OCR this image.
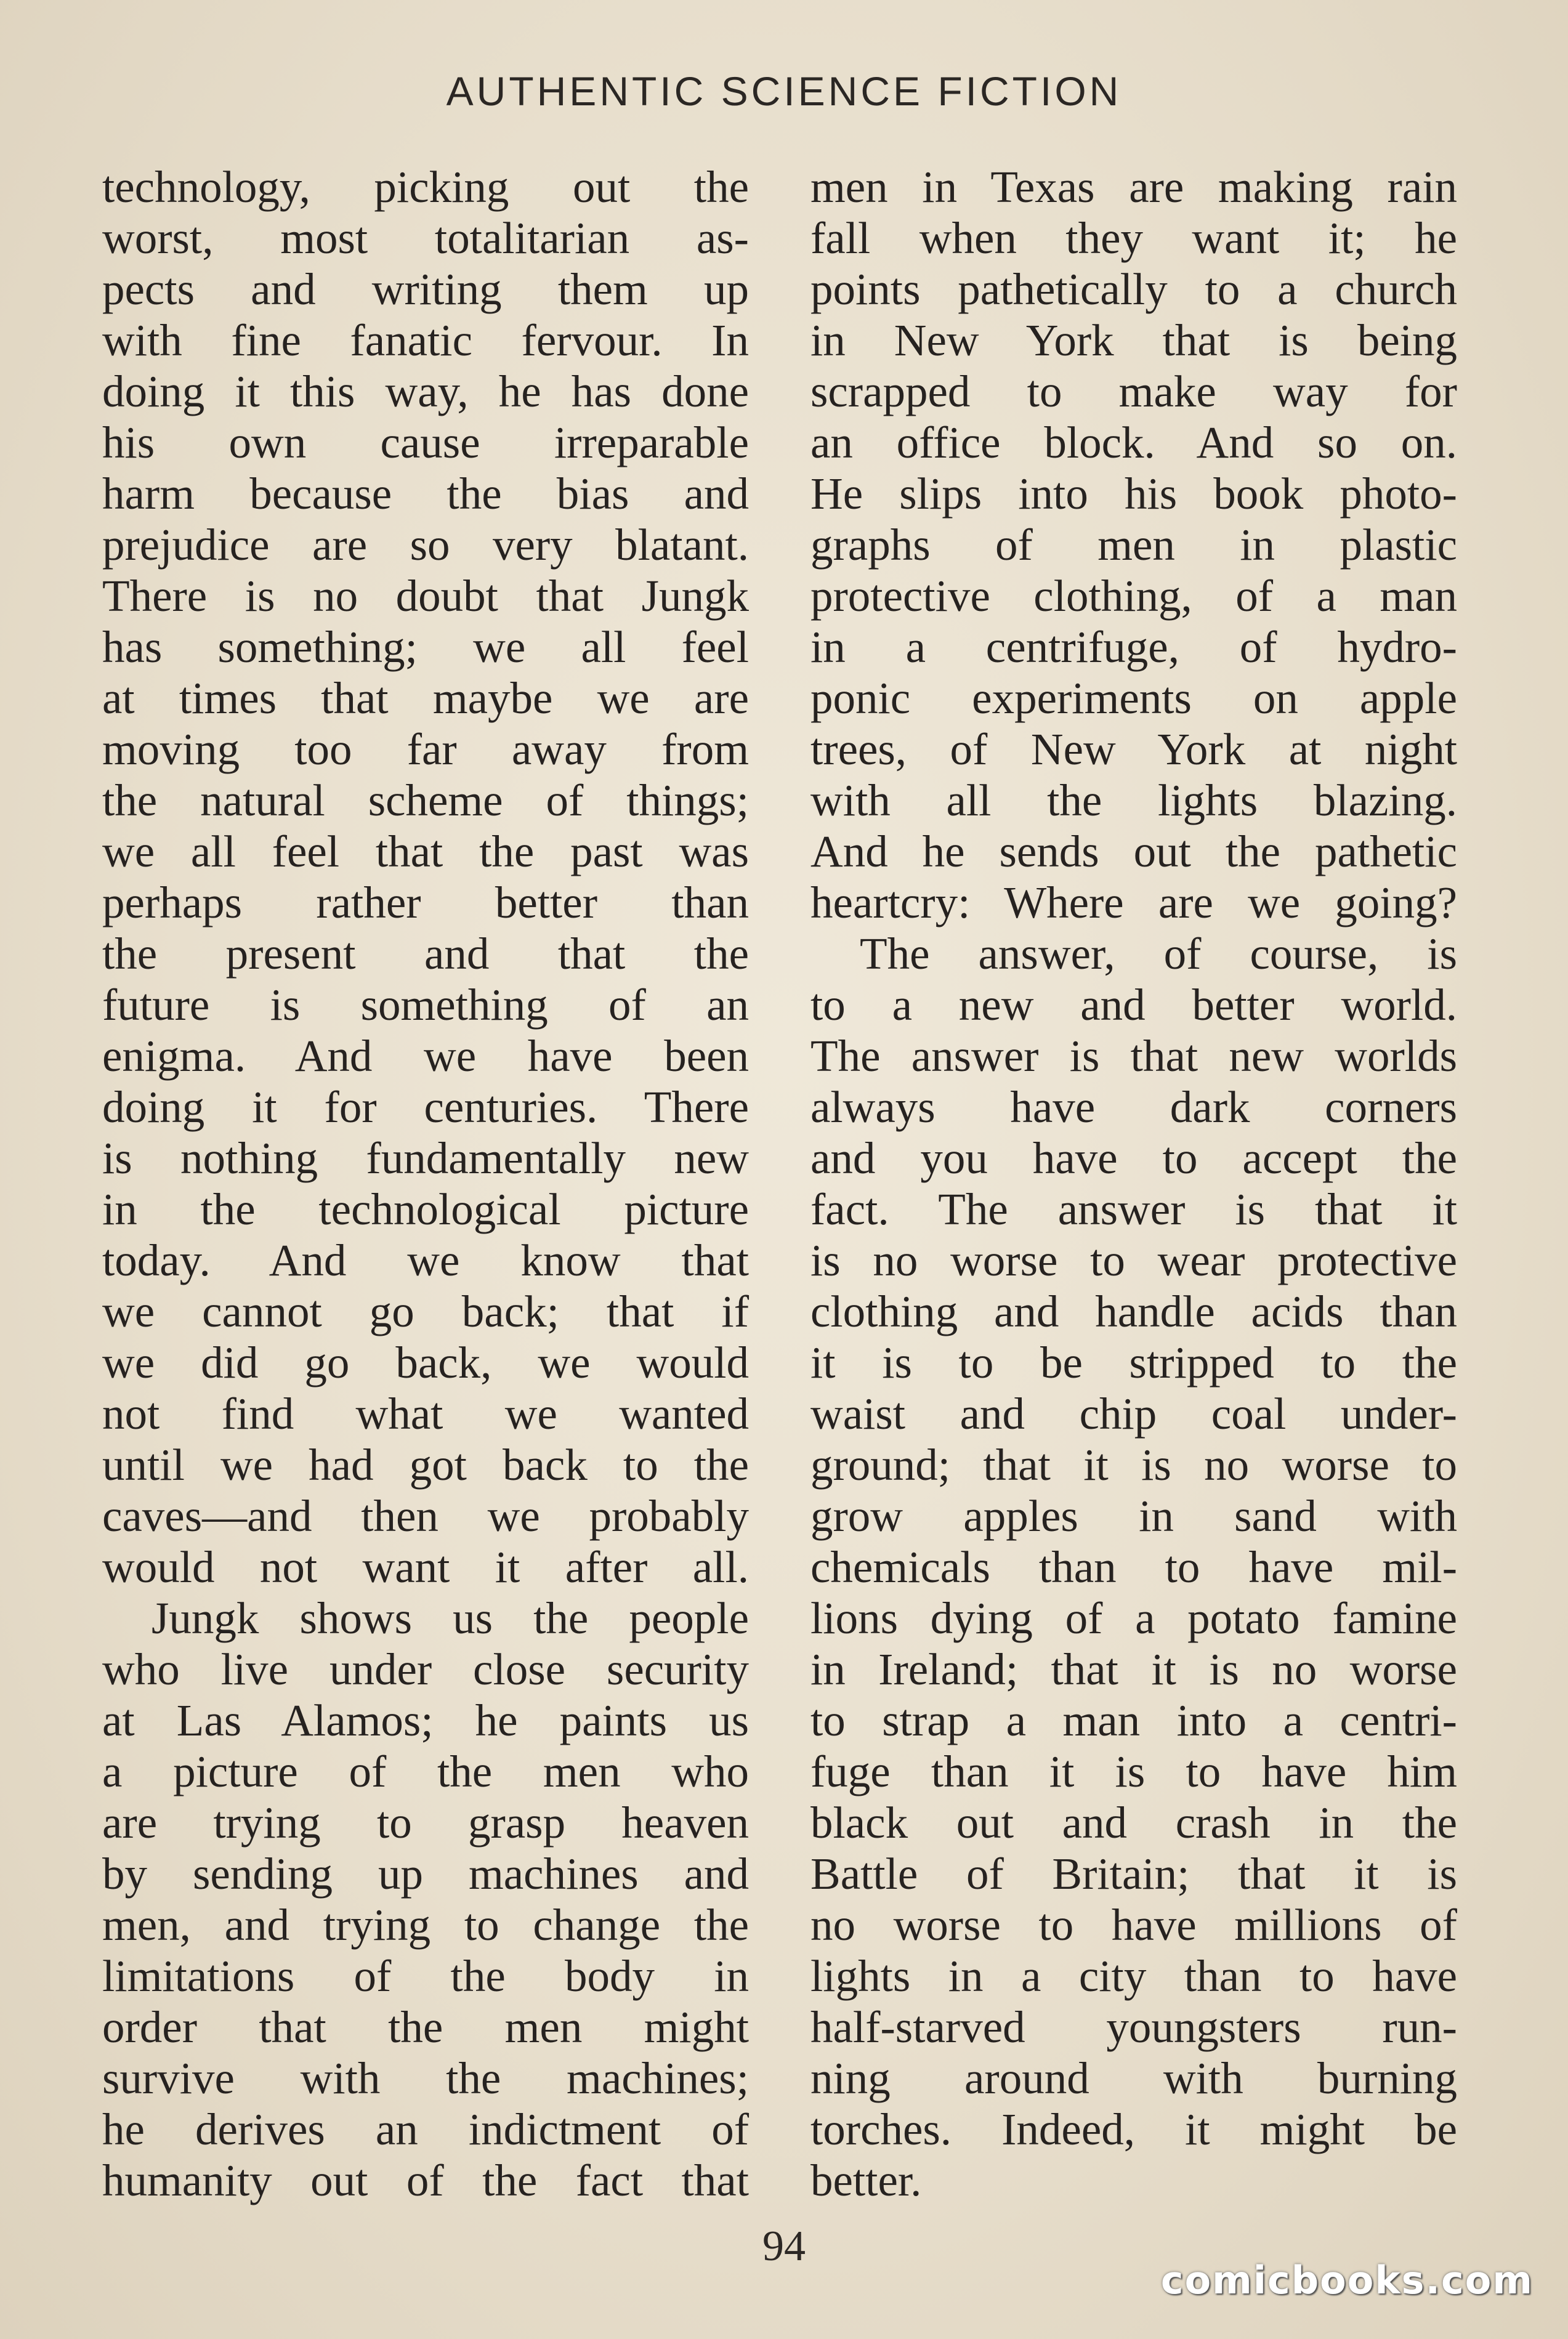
AUTHENTIC SCIENCE FICTION
technology, picking out the
worst, most totalitarian as-
pects and writing them up
with fine fanatic fervour. In
doing it this way, he has done
his own cause irreparable
harm because the bias and
prejudice are so very blatant.
There is no doubt that Jungk
has something; we all feel
at times that maybe we are
moving too far away from
the natural scheme of things;
we all feel that the past was
perhaps rather better than
the present and that the
future is something of an
enigma. And we have been
doing it for centuries. There
is nothing fundamentally new
in the technological picture
today. And we know that
we cannot go back; that if
we did go back, we would
not find what we wanted
until we had got back to the
caves—and then we probably
would not want it after all.
Jungk shows us the people
who live under close security
at Las Alamos; he paints us
a picture of the men who
are trying to grasp heaven
by sending up machines and
men, and trying to change the
limitations of the body in
order that the men might
survive with the machines;
he derives an indictment of
humanity out of the fact that
men in Texas are making rain
fall when they want it; he
points pathetically to a church
in New York that is being
scrapped to make way for
an office block. And so on.
He slips into his book photo-
graphs of men in plastic
protective clothing, of a man
in a centrifuge, of hydro-
ponic experiments on apple
trees, of New York at night
with all the lights blazing.
And he sends out the pathetic
heartcry: Where are we going?
The answer, of course, is
to a new and better world.
The answer is that new worlds
always have dark corners
and you have to accept the
fact. The answer is that it
is no worse to wear protective
clothing and handle acids than
it is to be stripped to the
waist and chip coal under-
ground; that it is no worse to
grow apples in sand with
chemicals than to have mil-
lions dying of a potato famine
in Ireland; that it is no worse
to strap a man into a centri-
fuge than it is to have him
black out and crash in the
Battle of Britain; that it is
no worse to have millions of
lights in a city than to have
half-starved youngsters run-
ning around with burning
torches. Indeed, it might be
better.
94
comicbooks.com
